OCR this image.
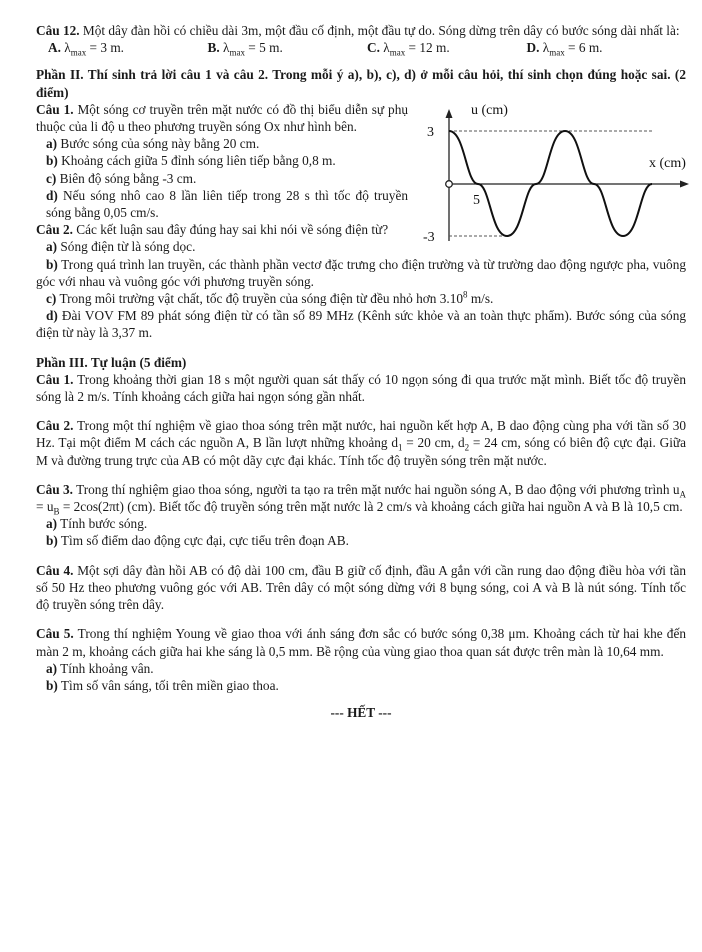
Câu 12. Một dây đàn hồi có chiều dài 3m, một đầu cố định, một đầu tự do. Sóng dừng trên dây có bước sóng dài nhất là:

A. $\lambda_{max} = 3$ m.	B. $\lambda_{max} = 5$ m.	C. $\lambda_{max} = 12$ m.	D. $\lambda_{max} = 6$ m.

Phần II. Thí sinh trả lời câu 1 và câu 2. Trong mỗi ý a), b), c), d) ở mỗi câu hỏi, thí sinh chọn đúng hoặc sai. (2 điểm)

Câu 1. Một sóng cơ truyền trên mặt nước có đồ thị biểu diễn sự phụ thuộc của li độ u theo phương truyền sóng Ox như hình bên.

a) Bước sóng của sóng này bằng 20 cm.

b) Khoảng cách giữa 5 đỉnh sóng liên tiếp bằng 0,8 m.

c) Biên độ sóng bằng -3 cm.

d) Nếu sóng nhô cao 8 lần liên tiếp trong 28 s thì tốc độ truyền sóng bằng 0,05 cm/s.

Câu 2. Các kết luận sau đây đúng hay sai khi nói về sóng điện từ?

u (cm)
x (cm)
3
-3
5

a) Sóng điện từ là sóng dọc.

b) Trong quá trình lan truyền, các thành phần vectơ đặc trưng cho điện trường và từ trường dao động ngược pha, vuông góc với nhau và vuông góc với phương truyền sóng.

c) Trong môi trường vật chất, tốc độ truyền của sóng điện từ đều nhỏ hơn 3.10$^8$ m/s.

d) Đài VOV FM 89 phát sóng điện từ có tần số 89 MHz (Kênh sức khỏe và an toàn thực phẩm). Bước sóng của sóng điện từ này là 3,37 m.

Phần III. Tự luận (5 điểm)

Câu 1. Trong khoảng thời gian 18 s một người quan sát thấy có 10 ngọn sóng đi qua trước mặt mình. Biết tốc độ truyền sóng là 2 m/s. Tính khoảng cách giữa hai ngọn sóng gần nhất.

Câu 2. Trong một thí nghiệm về giao thoa sóng trên mặt nước, hai nguồn kết hợp A, B dao động cùng pha với tần số 30 Hz. Tại một điểm M cách các nguồn A, B lần lượt những khoảng $d_1 = 20$ cm, $d_2 = 24$ cm, sóng có biên độ cực đại. Giữa M và đường trung trực của AB có một dãy cực đại khác. Tính tốc độ truyền sóng trên mặt nước.

Câu 3. Trong thí nghiệm giao thoa sóng, người ta tạo ra trên mặt nước hai nguồn sóng A, B dao động với phương trình $u_A = u_B = 2\cos(2\pi t)$ (cm). Biết tốc độ truyền sóng trên mặt nước là 2 cm/s và khoảng cách giữa hai nguồn A và B là 10,5 cm.

a) Tính bước sóng.

b) Tìm số điểm dao động cực đại, cực tiểu trên đoạn AB.

Câu 4. Một sợi dây đàn hồi AB có độ dài 100 cm, đầu B giữ cố định, đầu A gắn với cần rung dao động điều hòa với tần số 50 Hz theo phương vuông góc với AB. Trên dây có một sóng dừng với 8 bụng sóng, coi A và B là nút sóng. Tính tốc độ truyền sóng trên dây.

Câu 5. Trong thí nghiệm Young về giao thoa với ánh sáng đơn sắc có bước sóng 0,38 μm. Khoảng cách từ hai khe đến màn 2 m, khoảng cách giữa hai khe sáng là 0,5 mm. Bề rộng của vùng giao thoa quan sát được trên màn là 10,64 mm.

a) Tính khoảng vân.

b) Tìm số vân sáng, tối trên miền giao thoa.

--- HẾT ---
